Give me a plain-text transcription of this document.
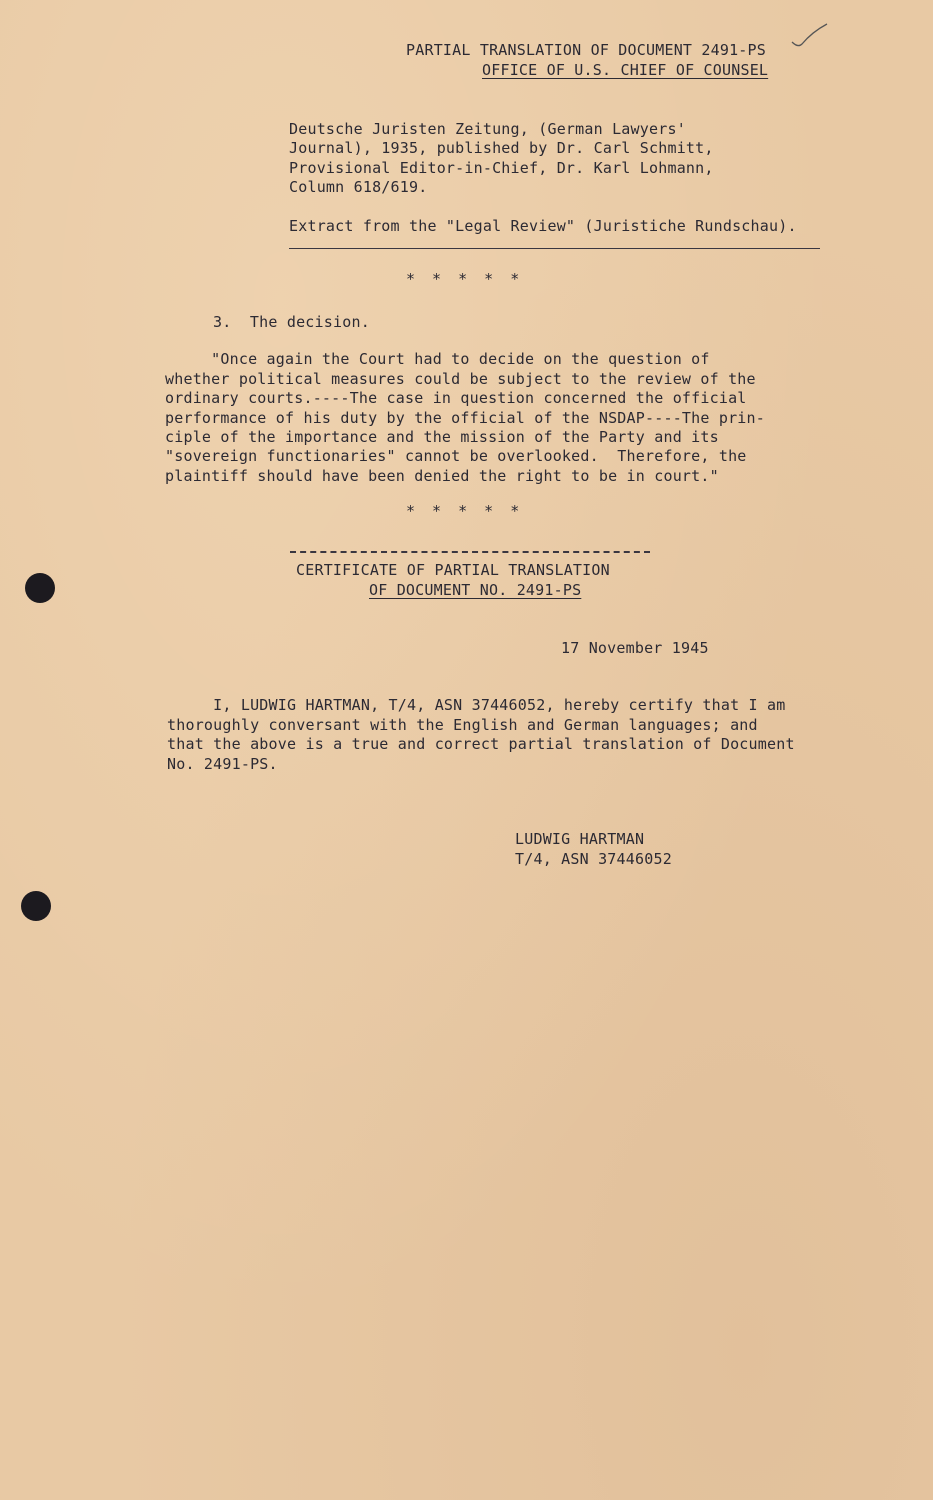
PARTIAL TRANSLATION OF DOCUMENT 2491-PS
OFFICE OF U.S. CHIEF OF COUNSEL
Deutsche Juristen Zeitung, (German Lawyers'
Journal), 1935, published by Dr. Carl Schmitt,
Provisional Editor-in-Chief, Dr. Karl Lohmann,
Column 618/619.
Extract from the "Legal Review" (Juristiche Rundschau).
* * * * *
3.  The decision.
"Once again the Court had to decide on the question of
whether political measures could be subject to the review of the
ordinary courts.----The case in question concerned the official
performance of his duty by the official of the NSDAP----The prin-
ciple of the importance and the mission of the Party and its
"sovereign functionaries" cannot be overlooked.  Therefore, the
plaintiff should have been denied the right to be in court."
* * * * *
CERTIFICATE OF PARTIAL TRANSLATION
OF DOCUMENT NO. 2491-PS
17 November 1945
I, LUDWIG HARTMAN, T/4, ASN 37446052, hereby certify that I am
thoroughly conversant with the English and German languages; and
that the above is a true and correct partial translation of Document
No. 2491-PS.
LUDWIG HARTMAN
T/4, ASN 37446052
